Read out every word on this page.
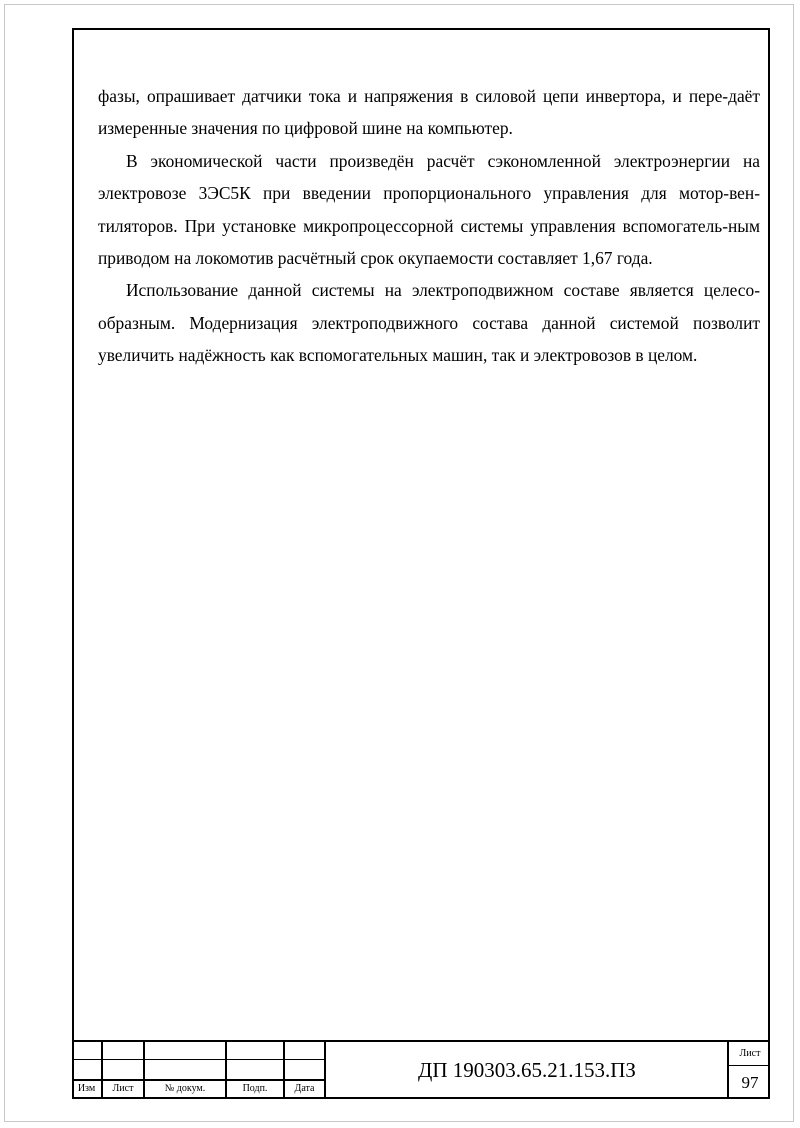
фазы, опрашивает датчики тока и напряжения в силовой цепи инвертора, и пере-даёт измеренные значения по цифровой шине на компьютер.

В экономической части произведён расчёт сэкономленной электроэнергии на электровозе 3ЭС5К при введении пропорционального управления для мотор-вен-тиляторов. При установке микропроцессорной системы управления вспомогатель-ным приводом на локомотив расчётный срок окупаемости составляет 1,67 года.

Использование данной системы на электроподвижном составе является целесо-образным. Модернизация электроподвижного состава данной системой позволит увеличить надёжность как вспомогательных машин, так и электровозов в целом.

Изм	Лист	№ докум.	Подп.	Дата
ДП 190303.65.21.153.ПЗ
Лист
97
